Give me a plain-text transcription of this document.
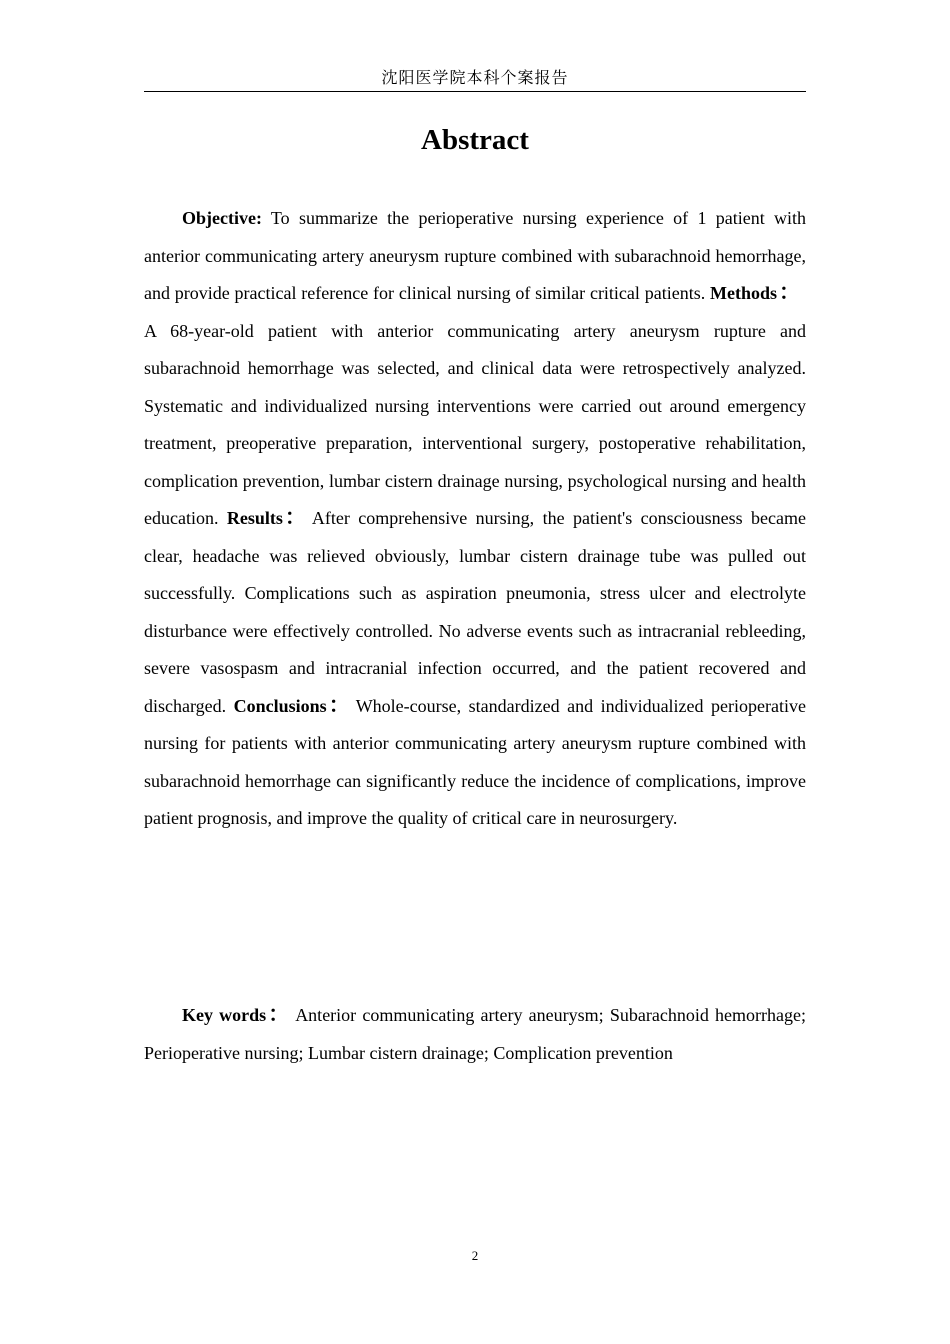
沈阳医学院本科个案报告
Abstract

Objective: To summarize the perioperative nursing experience of 1 patient with anterior communicating artery aneurysm rupture combined with subarachnoid hemorrhage, and provide practical reference for clinical nursing of similar critical patients. Methods：A 68-year-old patient with anterior communicating artery aneurysm rupture and subarachnoid hemorrhage was selected, and clinical data were retrospectively analyzed. Systematic and individualized nursing interventions were carried out around emergency treatment, preoperative preparation, interventional surgery, postoperative rehabilitation, complication prevention, lumbar cistern drainage nursing, psychological nursing and health education. Results： After comprehensive nursing, the patient's consciousness became clear, headache was relieved obviously, lumbar cistern drainage tube was pulled out successfully. Complications such as aspiration pneumonia, stress ulcer and electrolyte disturbance were effectively controlled. No adverse events such as intracranial rebleeding, severe vasospasm and intracranial infection occurred, and the patient recovered and discharged. Conclusions： Whole-course, standardized and individualized perioperative nursing for patients with anterior communicating artery aneurysm rupture combined with subarachnoid hemorrhage can significantly reduce the incidence of complications, improve patient prognosis, and improve the quality of critical care in neurosurgery.

Key words： Anterior communicating artery aneurysm; Subarachnoid hemorrhage; Perioperative nursing; Lumbar cistern drainage; Complication prevention

2
